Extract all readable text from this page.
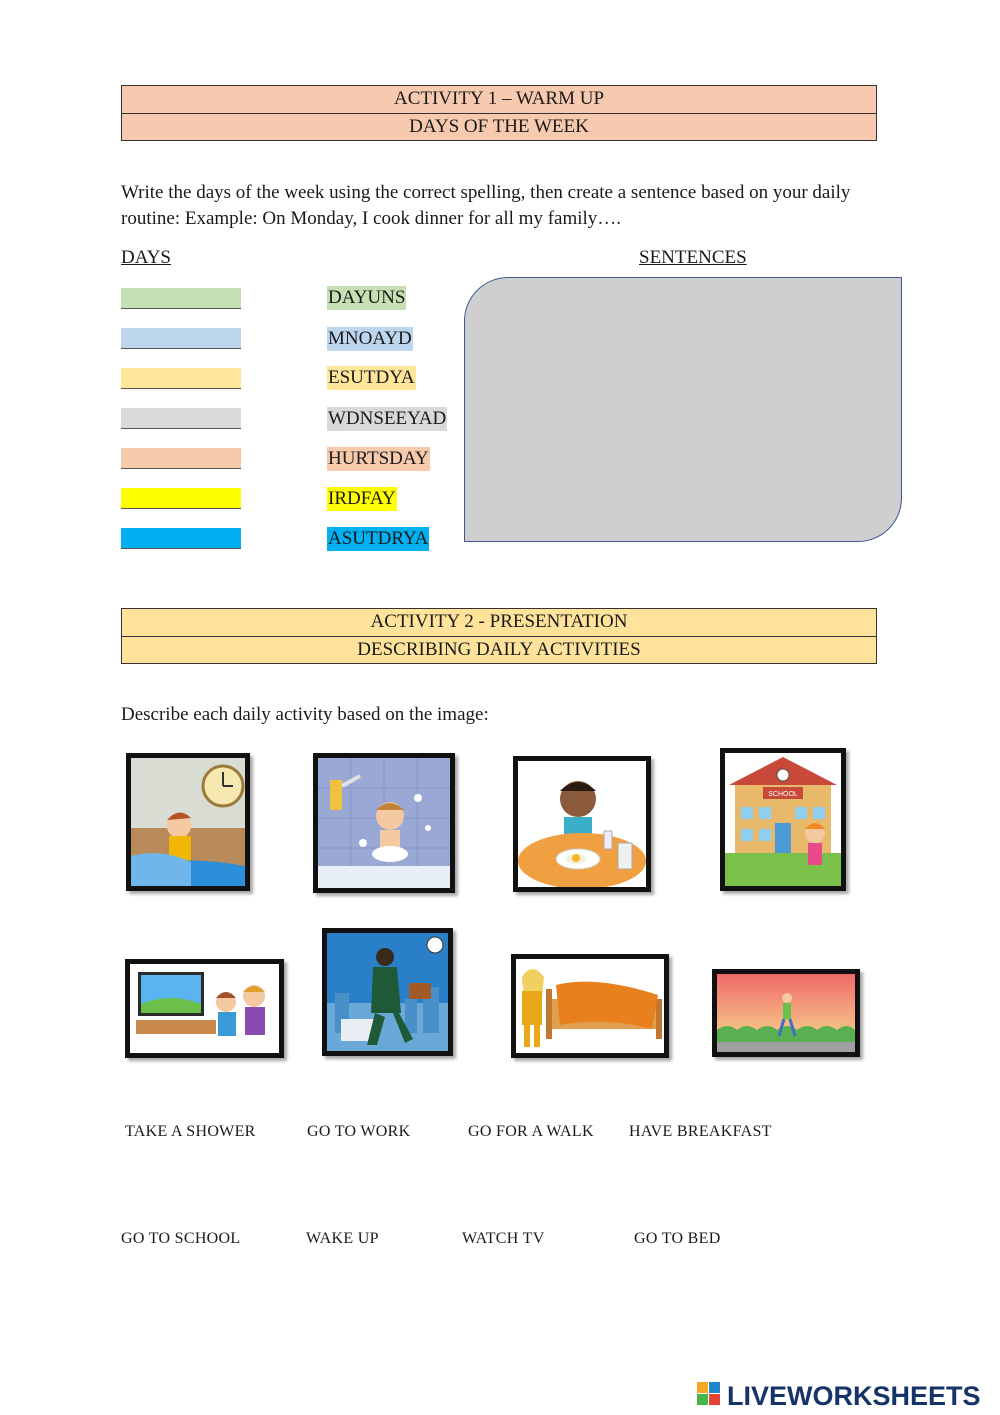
ACTIVITY 1 – WARM UP
DAYS OF THE WEEK
Write the days of the week using the correct spelling, then create a sentence based on your daily routine: Example: On Monday, I cook dinner for all my family….
DAYS	SENTENCES
DAYUNS
MNOAYD
ESUTDYA
WDNSEEYAD
HURTSDAY
IRDFAY
ASUTDRYA
ACTIVITY 2 - PRESENTATION
DESCRIBING DAILY ACTIVITIES
Describe each daily activity based on the image:
SCHOOL
TAKE A SHOWER	GO TO WORK	GO FOR A WALK HAVE BREAKFAST
GO TO SCHOOL	WAKE UP	WATCH TV	GO TO BED
LIVEWORKSHEETS
